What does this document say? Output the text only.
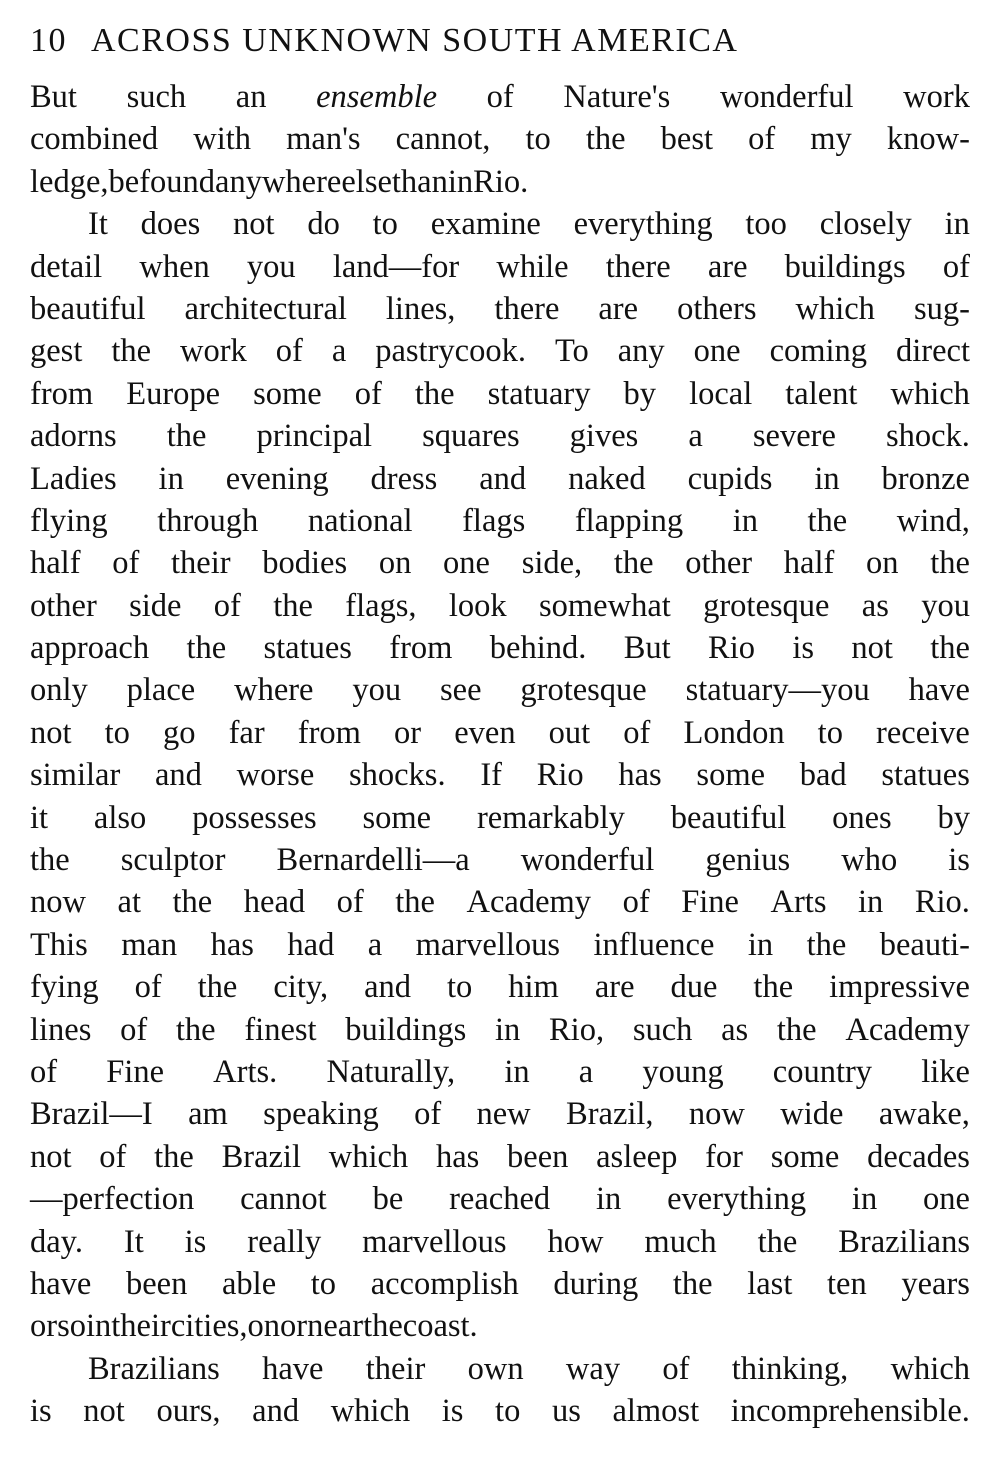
10 ACROSS UNKNOWN SOUTH AMERICA
But such an ensemble of Nature's wonderful work
combined with man's cannot, to the best of my know-
ledge, be found anywhere else than in Rio.
It does not do to examine everything too closely in
detail when you land—for while there are buildings of
beautiful architectural lines, there are others which sug-
gest the work of a pastrycook. To any one coming direct
from Europe some of the statuary by local talent which
adorns the principal squares gives a severe shock.
Ladies in evening dress and naked cupids in bronze
flying through national flags flapping in the wind,
half of their bodies on one side, the other half on the
other side of the flags, look somewhat grotesque as you
approach the statues from behind. But Rio is not the
only place where you see grotesque statuary—you have
not to go far from or even out of London to receive
similar and worse shocks. If Rio has some bad statues
it also possesses some remarkably beautiful ones by
the sculptor Bernardelli—a wonderful genius who is
now at the head of the Academy of Fine Arts in Rio.
This man has had a marvellous influence in the beauti-
fying of the city, and to him are due the impressive
lines of the finest buildings in Rio, such as the Academy
of Fine Arts. Naturally, in a young country like
Brazil—I am speaking of new Brazil, now wide awake,
not of the Brazil which has been asleep for some decades
—perfection cannot be reached in everything in one
day. It is really marvellous how much the Brazilians
have been able to accomplish during the last ten years
or so in their cities, on or near the coast.
Brazilians have their own way of thinking, which
is not ours, and which is to us almost incomprehensible.
